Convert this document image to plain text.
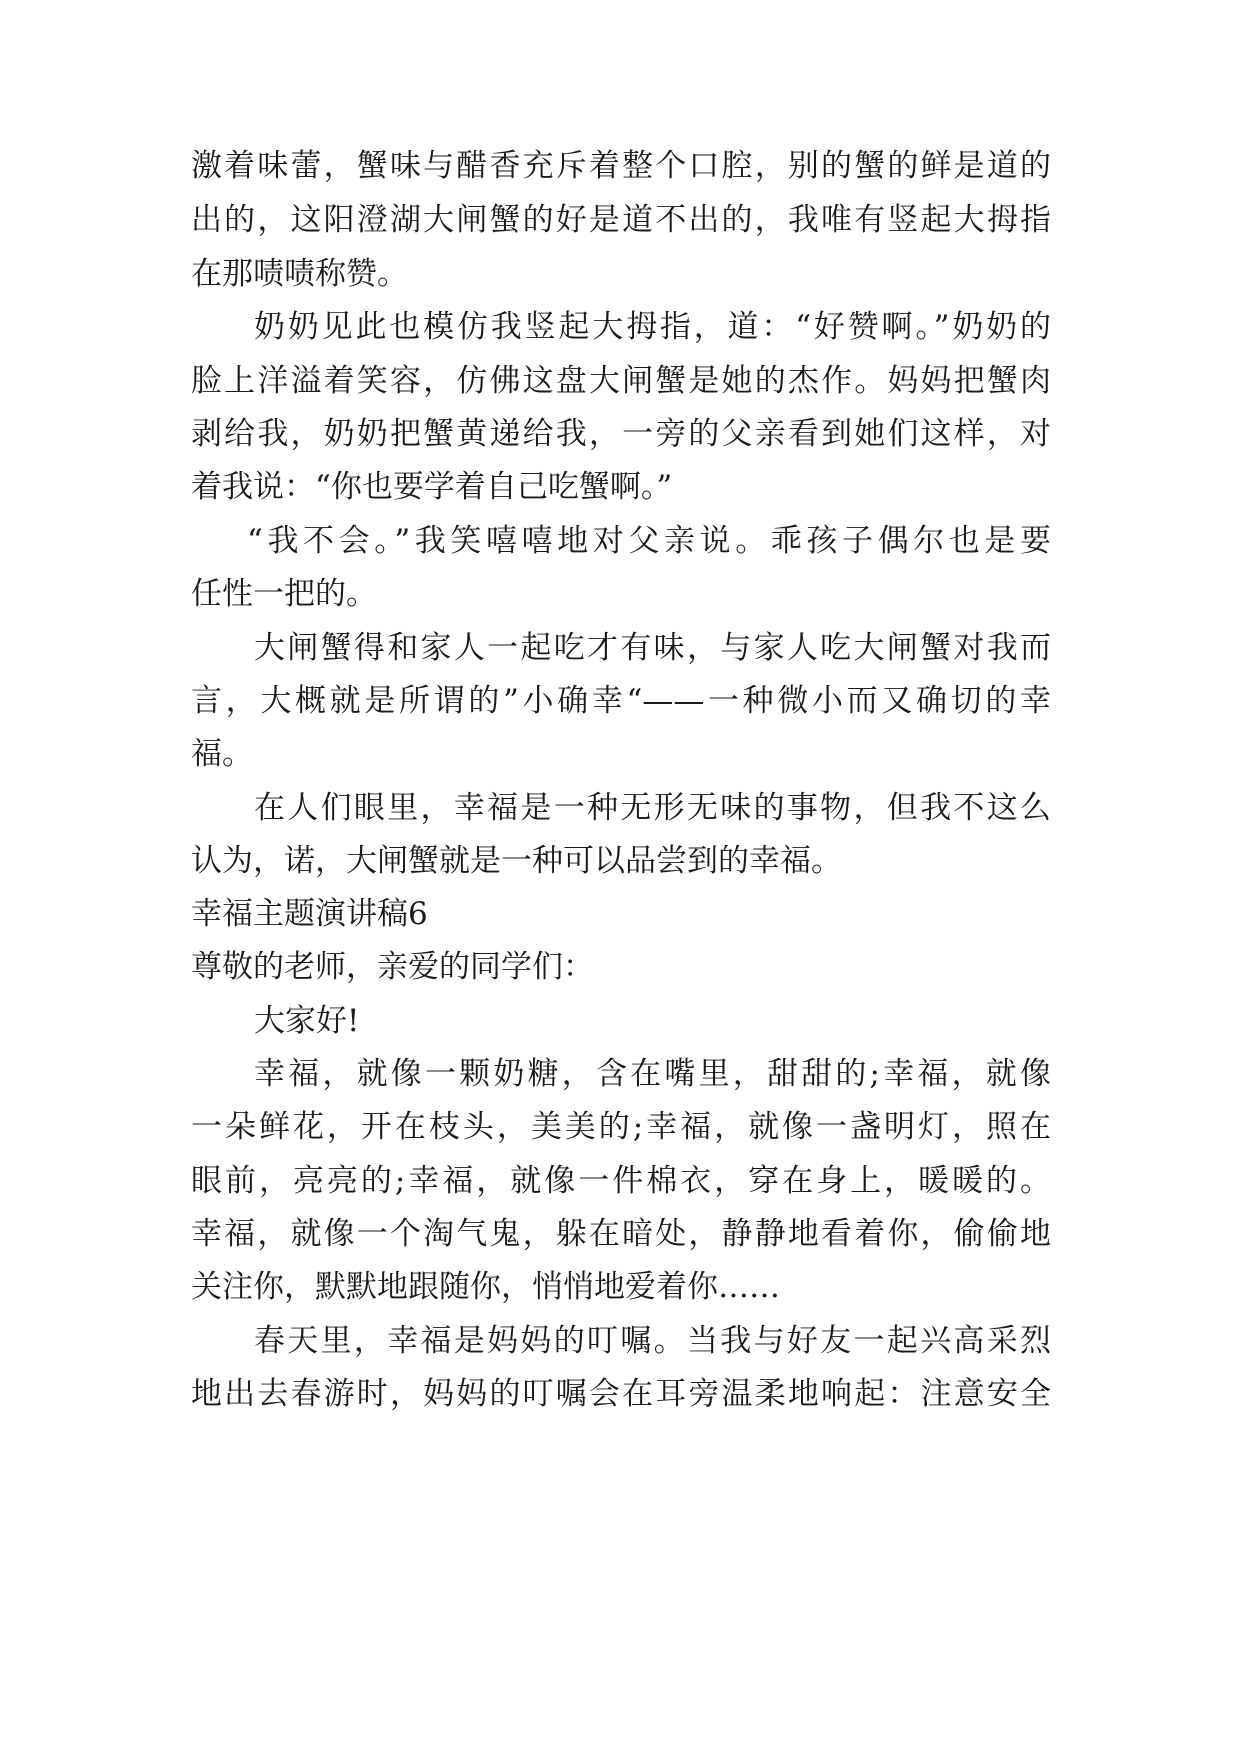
激着味蕾，蟹味与醋香充斥着整个口腔，别的蟹的鲜是道的
出的，这阳澄湖大闸蟹的好是道不出的，我唯有竖起大拇指
在那啧啧称赞。
奶奶见此也模仿我竖起大拇指，道：“好赞啊。”奶奶的
脸上洋溢着笑容，仿佛这盘大闸蟹是她的杰作。妈妈把蟹肉
剥给我，奶奶把蟹黄递给我，一旁的父亲看到她们这样，对
着我说：“你也要学着自己吃蟹啊。”
“我不会。”我笑嘻嘻地对父亲说。乖孩子偶尔也是要
任性一把的。
大闸蟹得和家人一起吃才有味，与家人吃大闸蟹对我而
言，大概就是所谓的”小确幸“——一种微小而又确切的幸
福。
在人们眼里，幸福是一种无形无味的事物，但我不这么
认为，诺，大闸蟹就是一种可以品尝到的幸福。
幸福主题演讲稿6
尊敬的老师，亲爱的同学们：
大家好!
幸福，就像一颗奶糖，含在嘴里，甜甜的;幸福，就像
一朵鲜花，开在枝头，美美的;幸福，就像一盏明灯，照在
眼前，亮亮的;幸福，就像一件棉衣，穿在身上，暖暖的。
幸福，就像一个淘气鬼，躲在暗处，静静地看着你，偷偷地
关注你，默默地跟随你，悄悄地爱着你……
春天里，幸福是妈妈的叮嘱。当我与好友一起兴高采烈
地出去春游时，妈妈的叮嘱会在耳旁温柔地响起：注意安全
